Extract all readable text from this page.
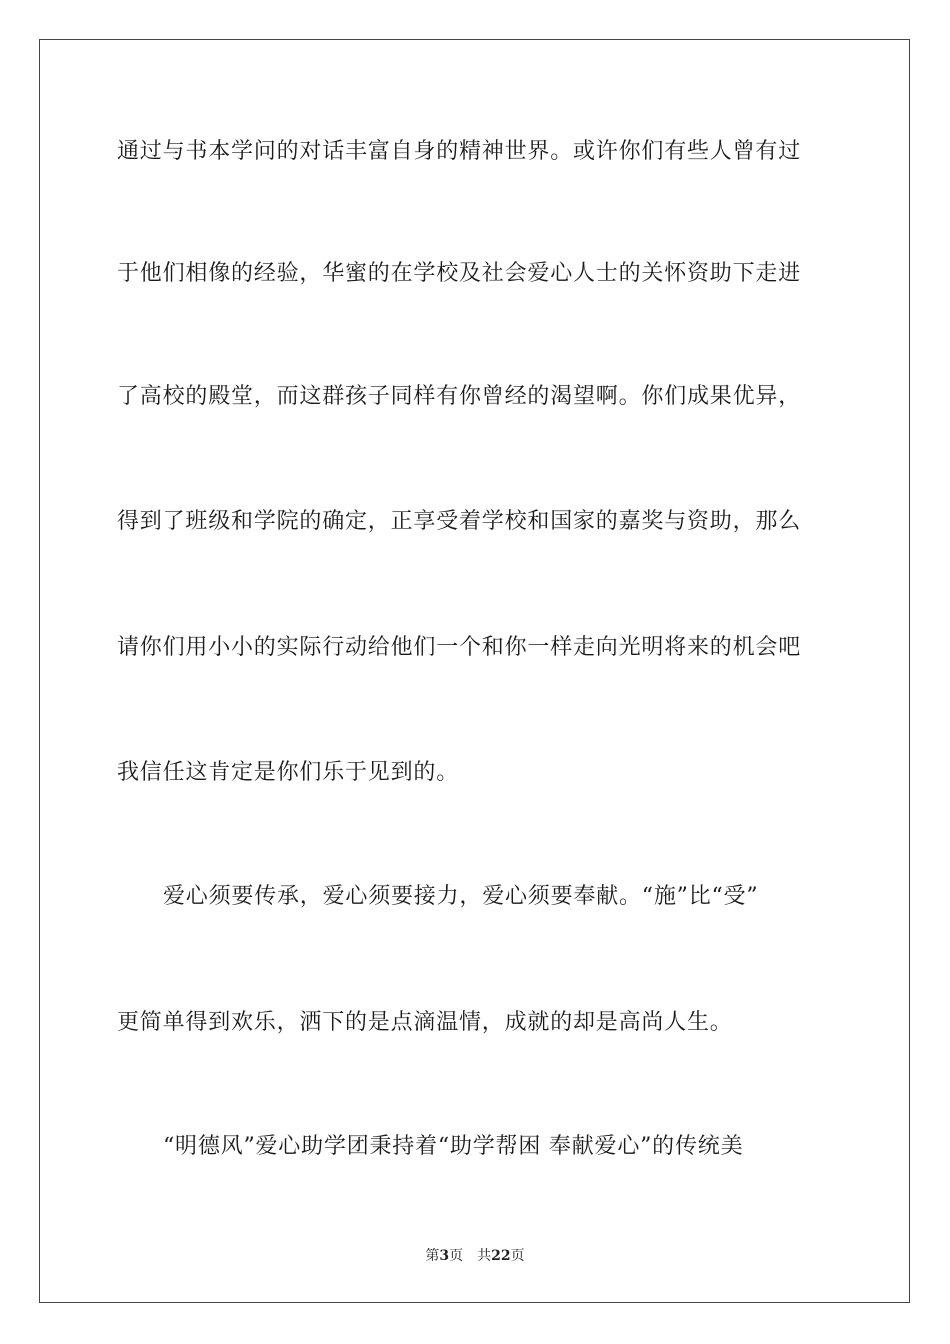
通过与书本学问的对话丰富自身的精神世界。或许你们有些人曾有过
于他们相像的经验，华蜜的在学校及社会爱心人士的关怀资助下走进
了高校的殿堂，而这群孩子同样有你曾经的渴望啊。你们成果优异，
得到了班级和学院的确定，正享受着学校和国家的嘉奖与资助，那么
请你们用小小的实际行动给他们一个和你一样走向光明将来的机会吧
我信任这肯定是你们乐于见到的。
爱心须要传承，爱心须要接力，爱心须要奉献。“施”比“受”
更简单得到欢乐，洒下的是点滴温情，成就的却是高尚人生。
“明德风”爱心助学团秉持着“助学帮困 奉献爱心”的传统美
第3页 共22页
